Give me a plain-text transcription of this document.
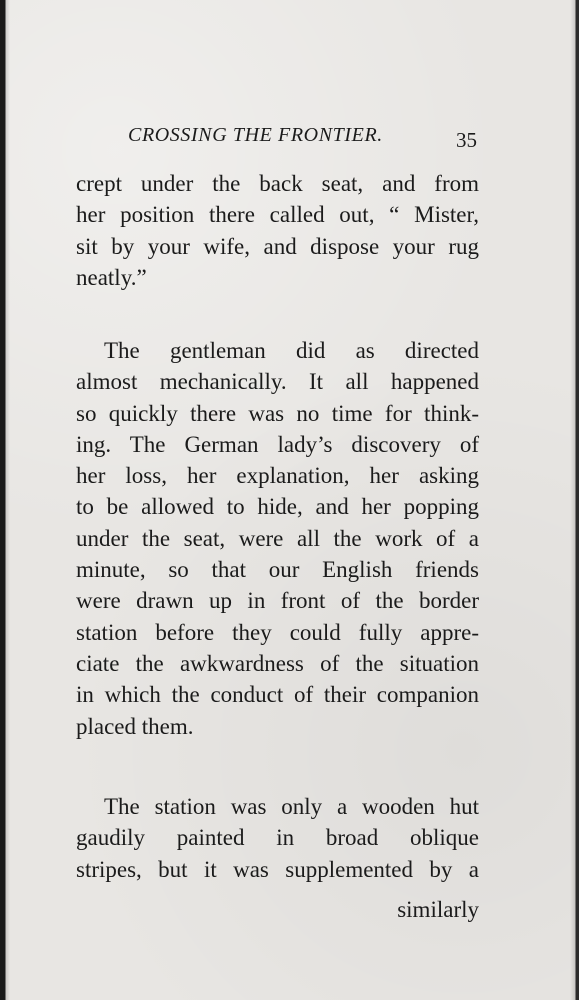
CROSSING THE FRONTIER.	35
crept under the back seat, and from
her position there called out, “ Mister,
sit by your wife, and dispose your rug
neatly.”
The gentleman did as directed
almost mechanically. It all happened
so quickly there was no time for think-
ing. The German lady’s discovery of
her loss, her explanation, her asking
to be allowed to hide, and her popping
under the seat, were all the work of a
minute, so that our English friends
were drawn up in front of the border
station before they could fully appre-
ciate the awkwardness of the situation
in which the conduct of their companion
placed them.
The station was only a wooden hut
gaudily painted in broad oblique
stripes, but it was supplemented by a
similarly
